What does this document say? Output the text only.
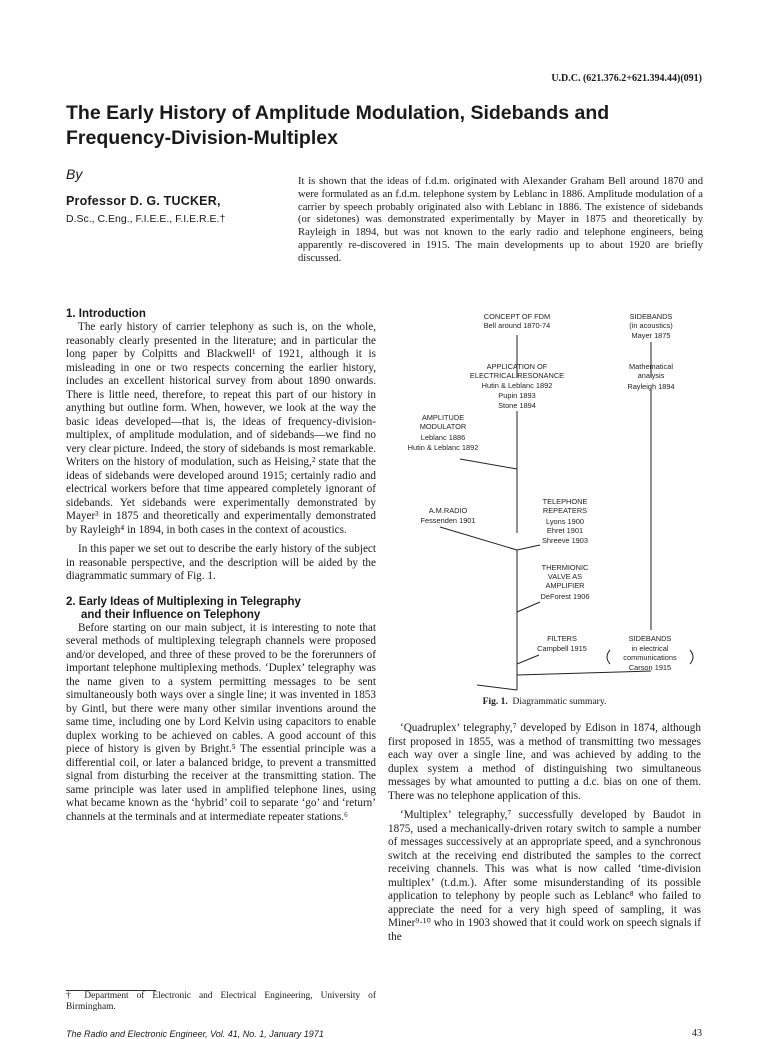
U.D.C. (621.376.2+621.394.44)(091)
The Early History of Amplitude Modulation, Sidebands and Frequency-Division-Multiplex
By
Professor D. G. TUCKER,
D.Sc., C.Eng., F.I.E.E., F.I.E.R.E.†
It is shown that the ideas of f.d.m. originated with Alexander Graham Bell around 1870 and were formulated as an f.d.m. telephone system by Leblanc in 1886. Amplitude modulation of a carrier by speech probably originated also with Leblanc in 1886. The existence of sidebands (or sidetones) was demonstrated experimentally by Mayer in 1875 and theoretically by Rayleigh in 1894, but was not known to the early radio and telephone engineers, being apparently re-discovered in 1915. The main developments up to about 1920 are briefly discussed.
1. Introduction

The early history of carrier telephony as such is, on the whole, reasonably clearly presented in the literature; and in particular the long paper by Colpitts and Blackwell¹ of 1921, although it is misleading in one or two respects concerning the earlier history, includes an excellent historical survey from about 1890 onwards. There is little need, therefore, to repeat this part of our history in anything but outline form. When, however, we look at the way the basic ideas developed—that is, the ideas of frequency-division-multiplex, of amplitude modulation, and of sidebands—we find no very clear picture. Indeed, the story of sidebands is most remarkable. Writers on the history of modulation, such as Heising,² state that the ideas of sidebands were developed around 1915; certainly radio and electrical workers before that time appeared completely ignorant of sidebands. Yet sidebands were experimentally demonstrated by Mayer³ in 1875 and theoretically and experimentally demonstrated by Rayleigh⁴ in 1894, in both cases in the context of acoustics.

In this paper we set out to describe the early history of the subject in reasonable perspective, and the description will be aided by the diagrammatic summary of Fig. 1.

2. Early Ideas of Multiplexing in Telegraphy
and their Influence on Telephony

Before starting on our main subject, it is interesting to note that several methods of multiplexing telegraph channels were proposed and/or developed, and three of these proved to be the forerunners of important telephone multiplexing methods. ‘Duplex’ telegraphy was the name given to a system permitting messages to be sent simultaneously both ways over a single line; it was invented in 1853 by Gintl, but there were many other similar inventions around the same time, including one by Lord Kelvin using capacitors to enable duplex working to be achieved on cables. A good account of this piece of history is given by Bright.⁵ The essential principle was a differential coil, or later a balanced bridge, to prevent a transmitted signal from disturbing the receiver at the transmitting station. The same principle was later used in amplified telephone lines, using what became known as the ‘hybrid’ coil to separate ‘go’ and ‘return’ channels at the terminals and at intermediate repeater stations.⁶

† Department of Electronic and Electrical Engineering, University of Birmingham.
CONCEPT OF FDM
Bell around 1870-74
SIDEBANDS
(in acoustics)
Mayer 1875
APPLICATION OF
ELECTRICAL RESONANCE
Hutin & Leblanc 1892
Pupin 1893
Stone 1894
Mathematical
analysis
Rayleigh 1894
AMPLITUDE
MODULATOR
Leblanc 1886
Hutin & Leblanc 1892
A.M.RADIO
Fessenden 1901
TELEPHONE
REPEATERS
Lyons 1900
Ehret 1901
Shreeve 1903
THERMIONIC
VALVE AS
AMPLIFIER
DeForest 1906
FILTERS
Campbell 1915
SIDEBANDS
in electrical
communications
Carson 1915
Fig. 1. Diagrammatic summary.

‘Quadruplex’ telegraphy,⁷ developed by Edison in 1874, although first proposed in 1855, was a method of transmitting two messages each way over a single line, and was achieved by adding to the duplex system a method of distinguishing two simultaneous messages by what amounted to putting a d.c. bias on one of them. There was no telephone application of this.

‘Multiplex’ telegraphy,⁷ successfully developed by Baudot in 1875, used a mechanically-driven rotary switch to sample a number of messages successively at an appropriate speed, and a synchronous switch at the receiving end distributed the samples to the correct receiving channels. This was what is now called ‘time-division multiplex’ (t.d.m.). After some misunderstanding of its possible application to telephony by people such as Leblanc⁸ who failed to appreciate the need for a very high speed of sampling, it was Miner⁹·¹⁰ who in 1903 showed that it could work on speech signals if the

The Radio and Electronic Engineer, Vol. 41, No. 1, January 1971	43
